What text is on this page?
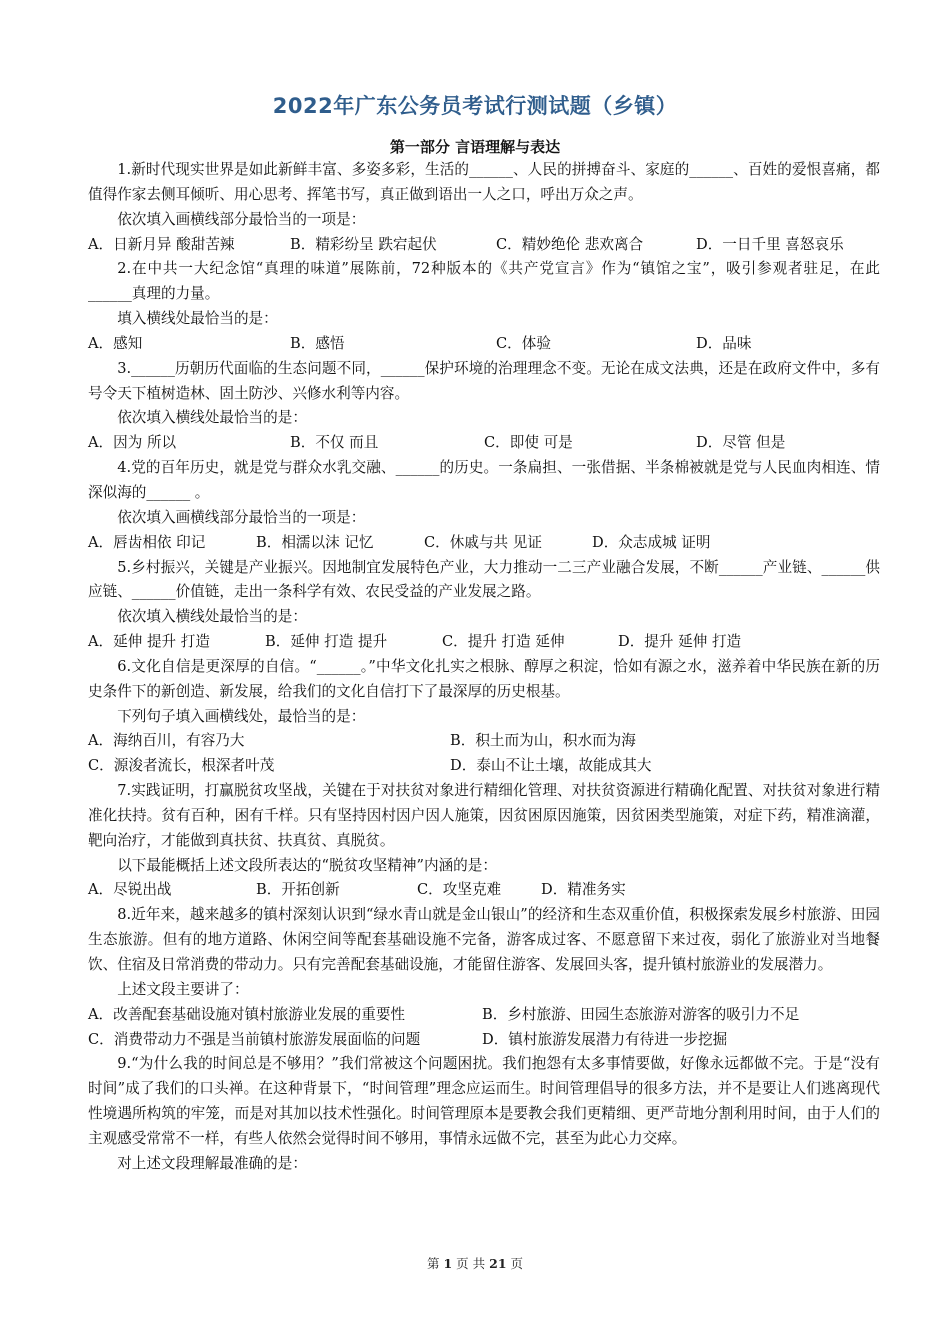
2022年广东公务员考试行测试题（乡镇）
第一部分 言语理解与表达

1.新时代现实世界是如此新鲜丰富、多姿多彩，生活的______、人民的拼搏奋斗、家庭的______、百姓的爱恨喜痛，都值得作家去侧耳倾听、用心思考、挥笔书写，真正做到语出一人之口，呼出万众之声。

依次填入画横线部分最恰当的一项是：

A．日新月异 酸甜苦辣	B．精彩纷呈 跌宕起伏	C．精妙绝伦 悲欢离合	D．一日千里 喜怒哀乐

2.在中共一大纪念馆“真理的味道”展陈前，72种版本的《共产党宣言》作为“镇馆之宝”，吸引参观者驻足，在此 ______真理的力量。

填入横线处最恰当的是：

A．感知	B．感悟	C．体验	D．品味

3.______历朝历代面临的生态问题不同，______保护环境的治理理念不变。无论在成文法典，还是在政府文件中，多有号令天下植树造林、固土防沙、兴修水利等内容。

依次填入横线处最恰当的是：

A．因为 所以	B．不仅 而且	C．即使 可是	D．尽管 但是

4.党的百年历史，就是党与群众水乳交融、______的历史。一条扁担、一张借据、半条棉被就是党与人民血肉相连、情深似海的______ 。

依次填入画横线部分最恰当的一项是：

A．唇齿相依 印记	B．相濡以沫 记忆	C．休戚与共 见证	D．众志成城 证明

5.乡村振兴，关键是产业振兴。因地制宜发展特色产业，大力推动一二三产业融合发展，不断______产业链、______供应链、______价值链，走出一条科学有效、农民受益的产业发展之路。

依次填入横线处最恰当的是：

A．延伸 提升 打造	B．延伸 打造 提升	C．提升 打造 延伸	D．提升 延伸 打造

6.文化自信是更深厚的自信。“______。”中华文化扎实之根脉、醇厚之积淀，恰如有源之水，滋养着中华民族在新的历史条件下的新创造、新发展，给我们的文化自信打下了最深厚的历史根基。

下列句子填入画横线处，最恰当的是：

A．海纳百川，有容乃大	B．积土而为山，积水而为海

C．源浚者流长，根深者叶茂	D．泰山不让土壤，故能成其大

7.实践证明，打赢脱贫攻坚战，关键在于对扶贫对象进行精细化管理、对扶贫资源进行精确化配置、对扶贫对象进行精准化扶持。贫有百种，困有千样。只有坚持因村因户因人施策，因贫困原因施策，因贫困类型施策，对症下药，精准滴灌，靶向治疗，才能做到真扶贫、扶真贫、真脱贫。

以下最能概括上述文段所表达的“脱贫攻坚精神”内涵的是：

A．尽锐出战	B．开拓创新	C．攻坚克难	D．精准务实

8.近年来，越来越多的镇村深刻认识到“绿水青山就是金山银山”的经济和生态双重价值，积极探索发展乡村旅游、田园生态旅游。但有的地方道路、休闲空间等配套基础设施不完备，游客成过客、不愿意留下来过夜，弱化了旅游业对当地餐饮、住宿及日常消费的带动力。只有完善配套基础设施，才能留住游客、发展回头客，提升镇村旅游业的发展潜力。

上述文段主要讲了：

A．改善配套基础设施对镇村旅游业发展的重要性	B．乡村旅游、田园生态旅游对游客的吸引力不足

C．消费带动力不强是当前镇村旅游发展面临的问题	D．镇村旅游发展潜力有待进一步挖掘

9.“为什么我的时间总是不够用？”我们常被这个问题困扰。我们抱怨有太多事情要做，好像永远都做不完。于是“没有时间”成了我们的口头禅。在这种背景下，“时间管理”理念应运而生。时间管理倡导的很多方法，并不是要让人们逃离现代性境遇所构筑的牢笼，而是对其加以技术性强化。时间管理原本是要教会我们更精细、更严苛地分割利用时间，由于人们的主观感受常常不一样，有些人依然会觉得时间不够用，事情永远做不完，甚至为此心力交瘁。

对上述文段理解最准确的是：

第 1 页 共 21 页
